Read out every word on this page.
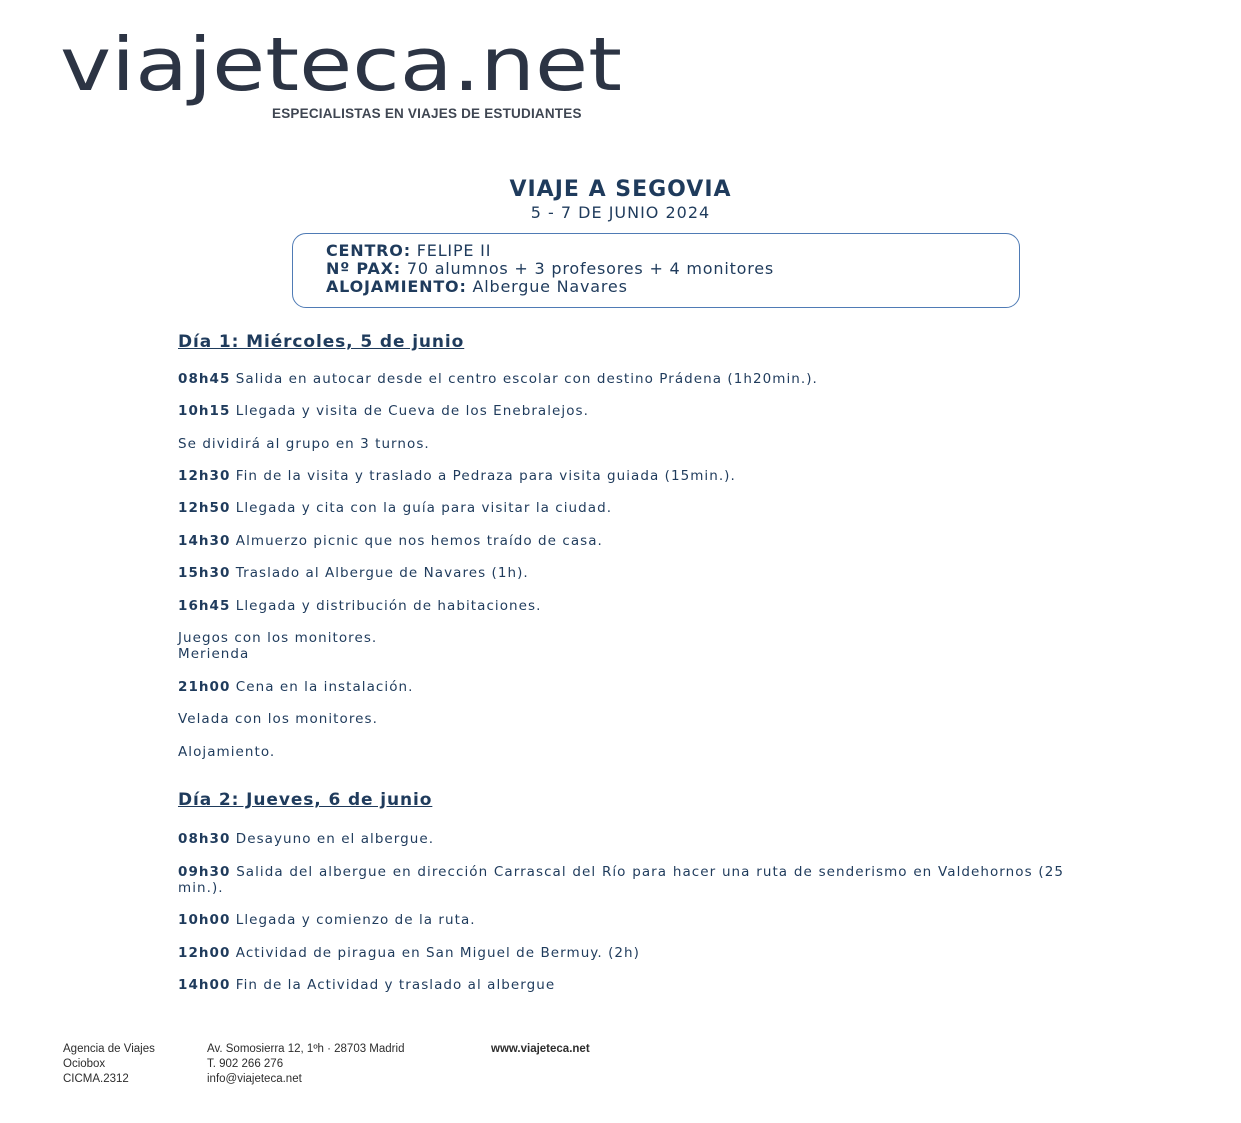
viajeteca.net
ESPECIALISTAS EN VIAJES DE ESTUDIANTES
VIAJE A SEGOVIA
5 - 7 DE JUNIO 2024
CENTRO: FELIPE II
Nº PAX: 70 alumnos + 3 profesores + 4 monitores
ALOJAMIENTO: Albergue Navares
Día 1: Miércoles, 5 de junio
08h45 Salida en autocar desde el centro escolar con destino Prádena (1h20min.).
10h15 Llegada y visita de Cueva de los Enebralejos.
Se dividirá al grupo en 3 turnos.
12h30 Fin de la visita y traslado a Pedraza para visita guiada (15min.).
12h50 Llegada y cita con la guía para visitar la ciudad.
14h30 Almuerzo picnic que nos hemos traído de casa.
15h30 Traslado al Albergue de Navares (1h).
16h45 Llegada y distribución de habitaciones.
Juegos con los monitores.
Merienda
21h00 Cena en la instalación.
Velada con los monitores.
Alojamiento.
Día 2: Jueves, 6 de junio
08h30 Desayuno en el albergue.
09h30 Salida del albergue en dirección Carrascal del Río para hacer una ruta de senderismo en Valdehornos (25 min.).
10h00 Llegada y comienzo de la ruta.
12h00 Actividad de piragua en San Miguel de Bermuy. (2h)
14h00 Fin de la Actividad y traslado al albergue
Agencia de Viajes
Ociobox
CICMA.2312
Av. Somosierra 12, 1ºh · 28703 Madrid
T. 902 266 276
info@viajeteca.net
www.viajeteca.net
